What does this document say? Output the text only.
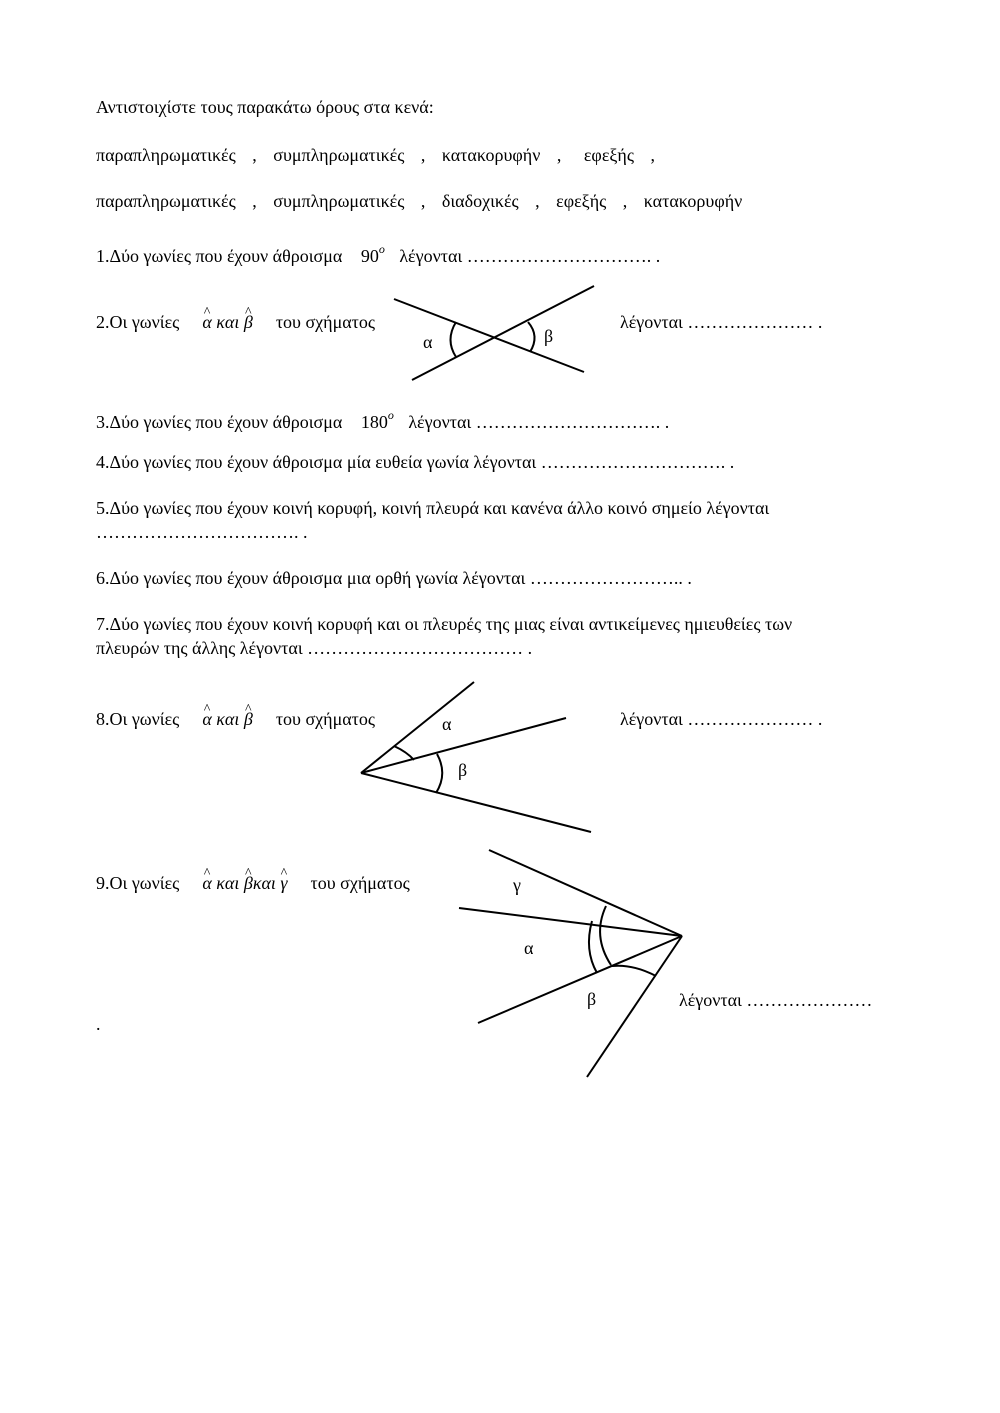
Αντιστοιχίστε τους παρακάτω όρους στα κενά:
παραπληρωματικές , συμπληρωματικές , κατακορυφήν , εφεξής ,
παραπληρωματικές , συμπληρωματικές , διαδοχικές , εφεξής , κατακορυφήν
1.Δύο γωνίες που έχουν άθροισμα 90$^o$ λέγονται …………………………. .
2.Οι γωνίες ^ α και ^ β του σχήματος	λέγονται ………………… .
α	β
3.Δύο γωνίες που έχουν άθροισμα 180$^o$ λέγονται …………………………. .
4.Δύο γωνίες που έχουν άθροισμα μία ευθεία γωνία λέγονται …………………………. .
5.Δύο γωνίες που έχουν κοινή κορυφή, κοινή πλευρά και κανένα άλλο κοινό σημείο λέγονται
……………………………. .
6.Δύο γωνίες που έχουν άθροισμα μια ορθή γωνία λέγονται …………………….. .
7.Δύο γωνίες που έχουν κοινή κορυφή και οι πλευρές της μιας είναι αντικείμενες ημιευθείες των
πλευρών της άλλης λέγονται ……………………………… .
8.Οι γωνίες ^ α και ^ β του σχήματος	λέγονται ………………… .
α
β
9.Οι γωνίες ^ α και ^ βκαι ^ γ του σχήματος
λέγονται …………………
.
γ
α
β
